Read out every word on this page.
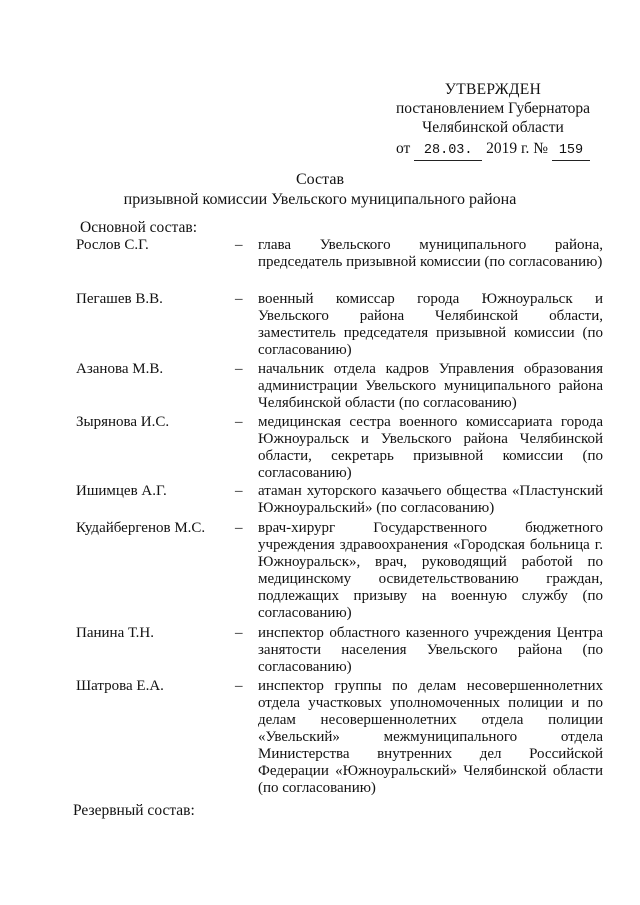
УТВЕРЖДЕН
постановлением Губернатора
Челябинской области
от 28.03. 2019 г. № 159
Состав
призывной комиссии Увельского муниципального района
Основной состав:
Рослов С.Г.	– глава Увельского муниципального района, председатель призывной комиссии (по согласованию)
Пегашев В.В.	– военный комиссар города Южноуральск и Увельского района Челябинской области, заместитель председателя призывной комиссии (по согласованию)
Азанова М.В.	– начальник отдела кадров Управления образования администрации Увельского муниципального района Челябинской области (по согласованию)
Зырянова И.С.	– медицинская сестра военного комиссариата города Южноуральск и Увельского района Челябинской области, секретарь призывной комиссии (по согласованию)
Ишимцев А.Г.	– атаман хуторского казачьего общества «Пластунский Южноуральский» (по согласованию)
Кудайбергенов М.С. – врач-хирург Государственного бюджетного учреждения здравоохранения «Городская больница г. Южноуральск», врач, руководящий работой по медицинскому освидетельствованию граждан, подлежащих призыву на военную службу (по согласованию)
Панина Т.Н.	– инспектор областного казенного учреждения Центра занятости населения Увельского района (по согласованию)
Шатрова Е.А.	– инспектор группы по делам несовершеннолетних отдела участковых уполномоченных полиции и по делам несовершеннолетних отдела полиции «Увельский» межмуниципального отдела Министерства внутренних дел Российской Федерации «Южноуральский» Челябинской области (по согласованию)
Резервный состав:
